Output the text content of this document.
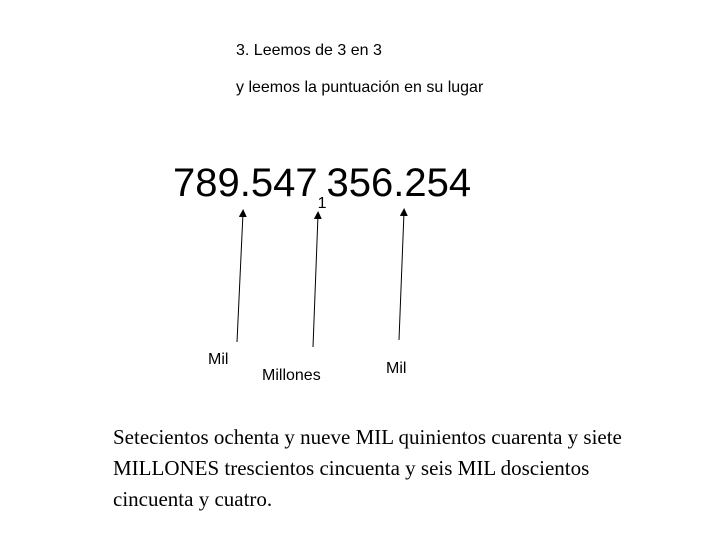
3. Leemos de 3 en 3
y leemos la puntuación en su lugar
$789.547_1356.254$
Mil
Millones	Mil
Setecientos ochenta y nueve MIL quinientos cuarenta y siete MILLONES trescientos cincuenta y seis MIL doscientos cincuenta y cuatro.
